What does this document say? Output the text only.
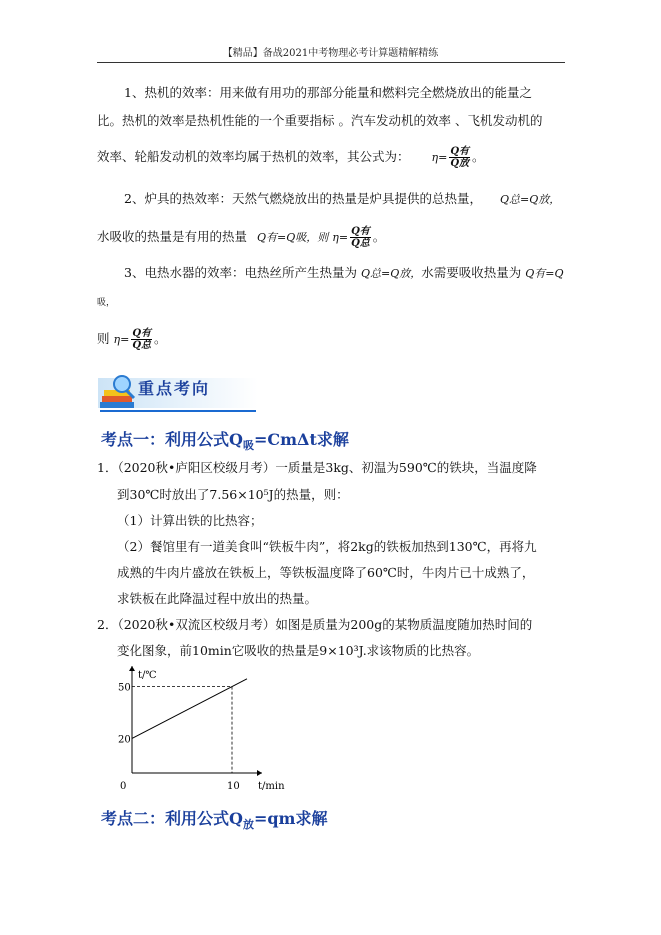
【精品】备战2021中考物理必考计算题精解精练
1、热机的效率：用来做有用功的那部分能量和燃料完全燃烧放出的能量之
比。热机的效率是热机性能的一个重要指标 。汽车发动机的效率 、飞机发动机的
效率、轮船发动机的效率均属于热机的效率，其公式为： $\eta= \frac{\text{Q有}}{\text{Q放}}$ 。
2、炉具的热效率：天然气燃烧放出的热量是炉具提供的总热量， Q总=Q放，
水吸收的热量是有用的热量 Q有=Q吸，则 $\eta= \frac{\text{Q有}}{\text{Q总}}$ 。
3、电热水器的效率：电热丝所产生热量为 Q总=Q放，水需要吸收热量为 Q有=Q
吸，
则 $\eta= \frac{\text{Q有}}{\text{Q总}}$ 。
重点考向
考点一：利用公式$Q_吸=Cm\Delta t$求解
1．（2020秋•庐阳区校级月考）一质量是3kg、初温为590℃的铁块，当温度降
到30℃时放出了7.56×10⁵J的热量，则：
（1）计算出铁的比热容；
（2）餐馆里有一道美食叫“铁板牛肉”，将2kg的铁板加热到130℃，再将九
成熟的牛肉片盛放在铁板上，等铁板温度降了60℃时，牛肉片已十成熟了，
求铁板在此降温过程中放出的热量。
2．（2020秋•双流区校级月考）如图是质量为200g的某物质温度随加热时间的
变化图象，前10min它吸收的热量是9×10³J.求该物质的比热容。
t/℃
t/min
20
50
0	10
考点二：利用公式$Q_放=qm$求解
